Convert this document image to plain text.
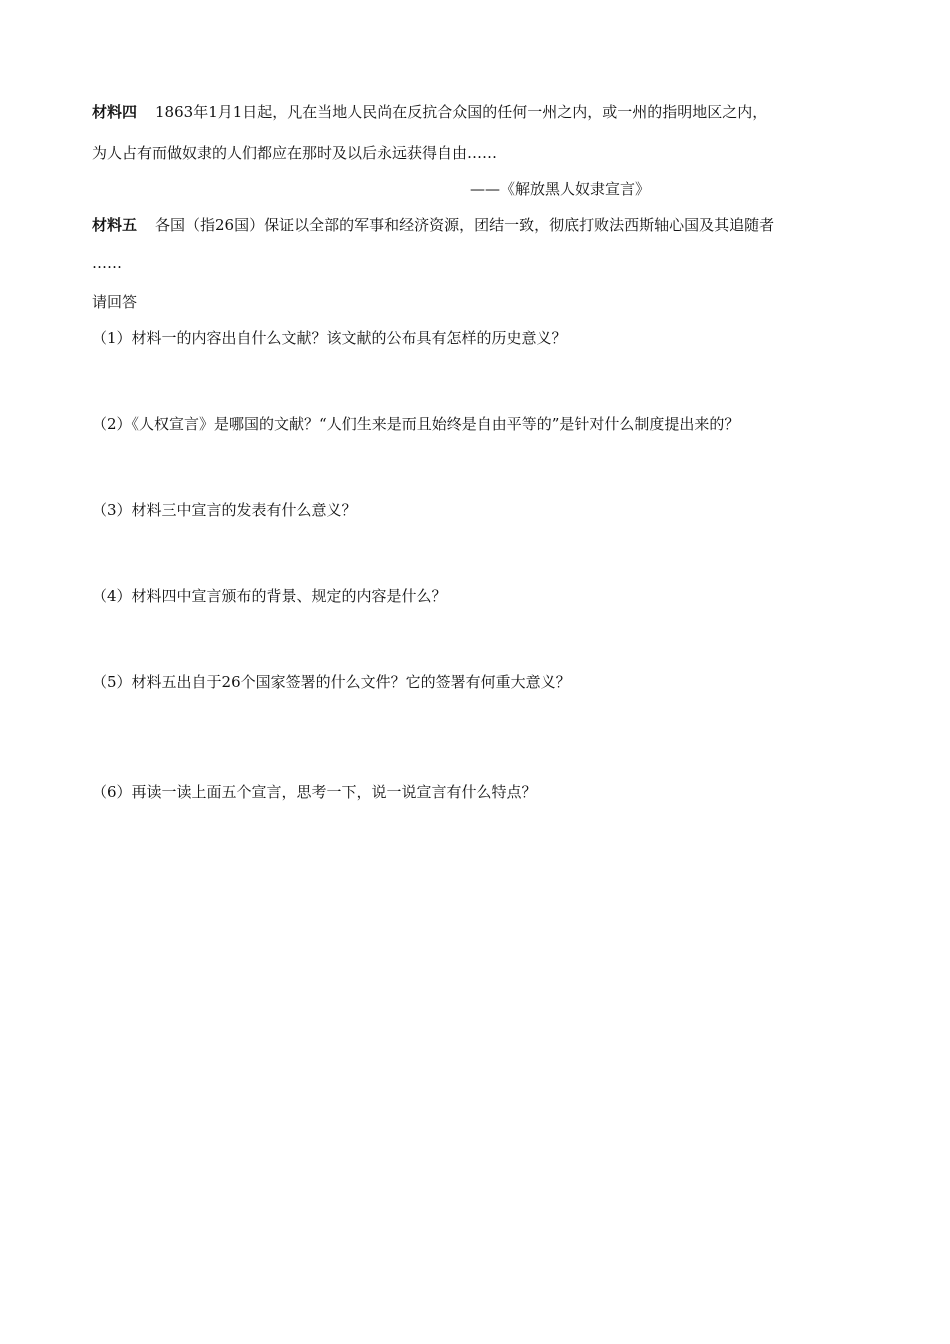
材料四 1863年1月1日起，凡在当地人民尚在反抗合众国的任何一州之内，或一州的指明地区之内，
为人占有而做奴隶的人们都应在那时及以后永远获得自由……
——《解放黑人奴隶宣言》
材料五 各国（指26国）保证以全部的军事和经济资源，团结一致，彻底打败法西斯轴心国及其追随者
……
请回答
（1）材料一的内容出自什么文献？该文献的公布具有怎样的历史意义？
（2）《人权宣言》是哪国的文献？“人们生来是而且始终是自由平等的”是针对什么制度提出来的？
（3）材料三中宣言的发表有什么意义？
（4）材料四中宣言颁布的背景、规定的内容是什么？
（5）材料五出自于26个国家签署的什么文件？它的签署有何重大意义？
（6）再读一读上面五个宣言，思考一下，说一说宣言有什么特点？
